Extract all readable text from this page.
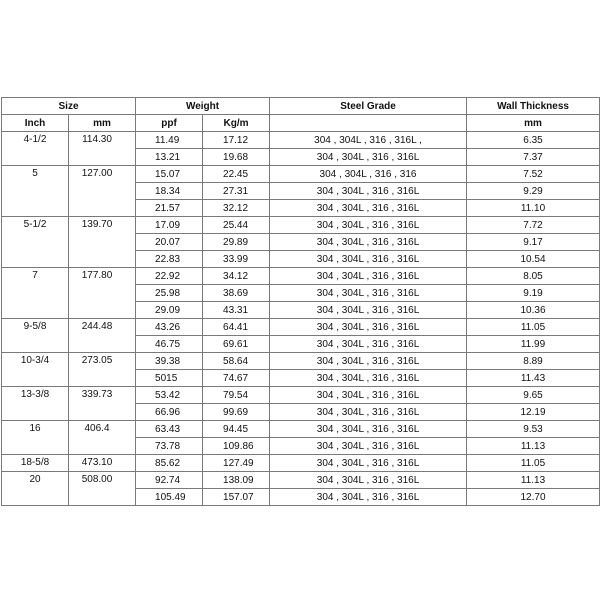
Size		Weight		Steel Grade	Wall Thickness
Inch	mm	ppf	Kg/m		mm
4-1/2	114.30	11.49	17.12	304 , 304L , 316 , 316L ,	6.35
		13.21	19.68	304 , 304L , 316 , 316L	7.37
5	127.00	15.07	22.45	304 , 304L , 316 , 316	7.52
		18.34	27.31	304 , 304L , 316 , 316L	9.29
		21.57	32.12	304 , 304L , 316 , 316L	11.10
5-1/2	139.70	17.09	25.44	304 , 304L , 316 , 316L	7.72
		20.07	29.89	304 , 304L , 316 , 316L	9.17
		22.83	33.99	304 , 304L , 316 , 316L	10.54
7	177.80	22.92	34.12	304 , 304L , 316 , 316L	8.05
		25.98	38.69	304 , 304L , 316 , 316L	9.19
		29.09	43.31	304 , 304L , 316 , 316L	10.36
9-5/8	244.48	43.26	64.41	304 , 304L , 316 , 316L	11.05
		46.75	69.61	304 , 304L , 316 , 316L	11.99
10-3/4	273.05	39.38	58.64	304 , 304L , 316 , 316L	8.89
		5015	74.67	304 , 304L , 316 , 316L	11.43
13-3/8	339.73	53.42	79.54	304 , 304L , 316 , 316L	9.65
		66.96	99.69	304 , 304L , 316 , 316L	12.19
16	406.4	63.43	94.45	304 , 304L , 316 , 316L	9.53
		73.78	109.86	304 , 304L , 316 , 316L	11.13
18-5/8	473.10	85.62	127.49	304 , 304L , 316 , 316L	11.05
20	508.00	92.74	138.09	304 , 304L , 316 , 316L	11.13
		105.49	157.07	304 , 304L , 316 , 316L	12.70
